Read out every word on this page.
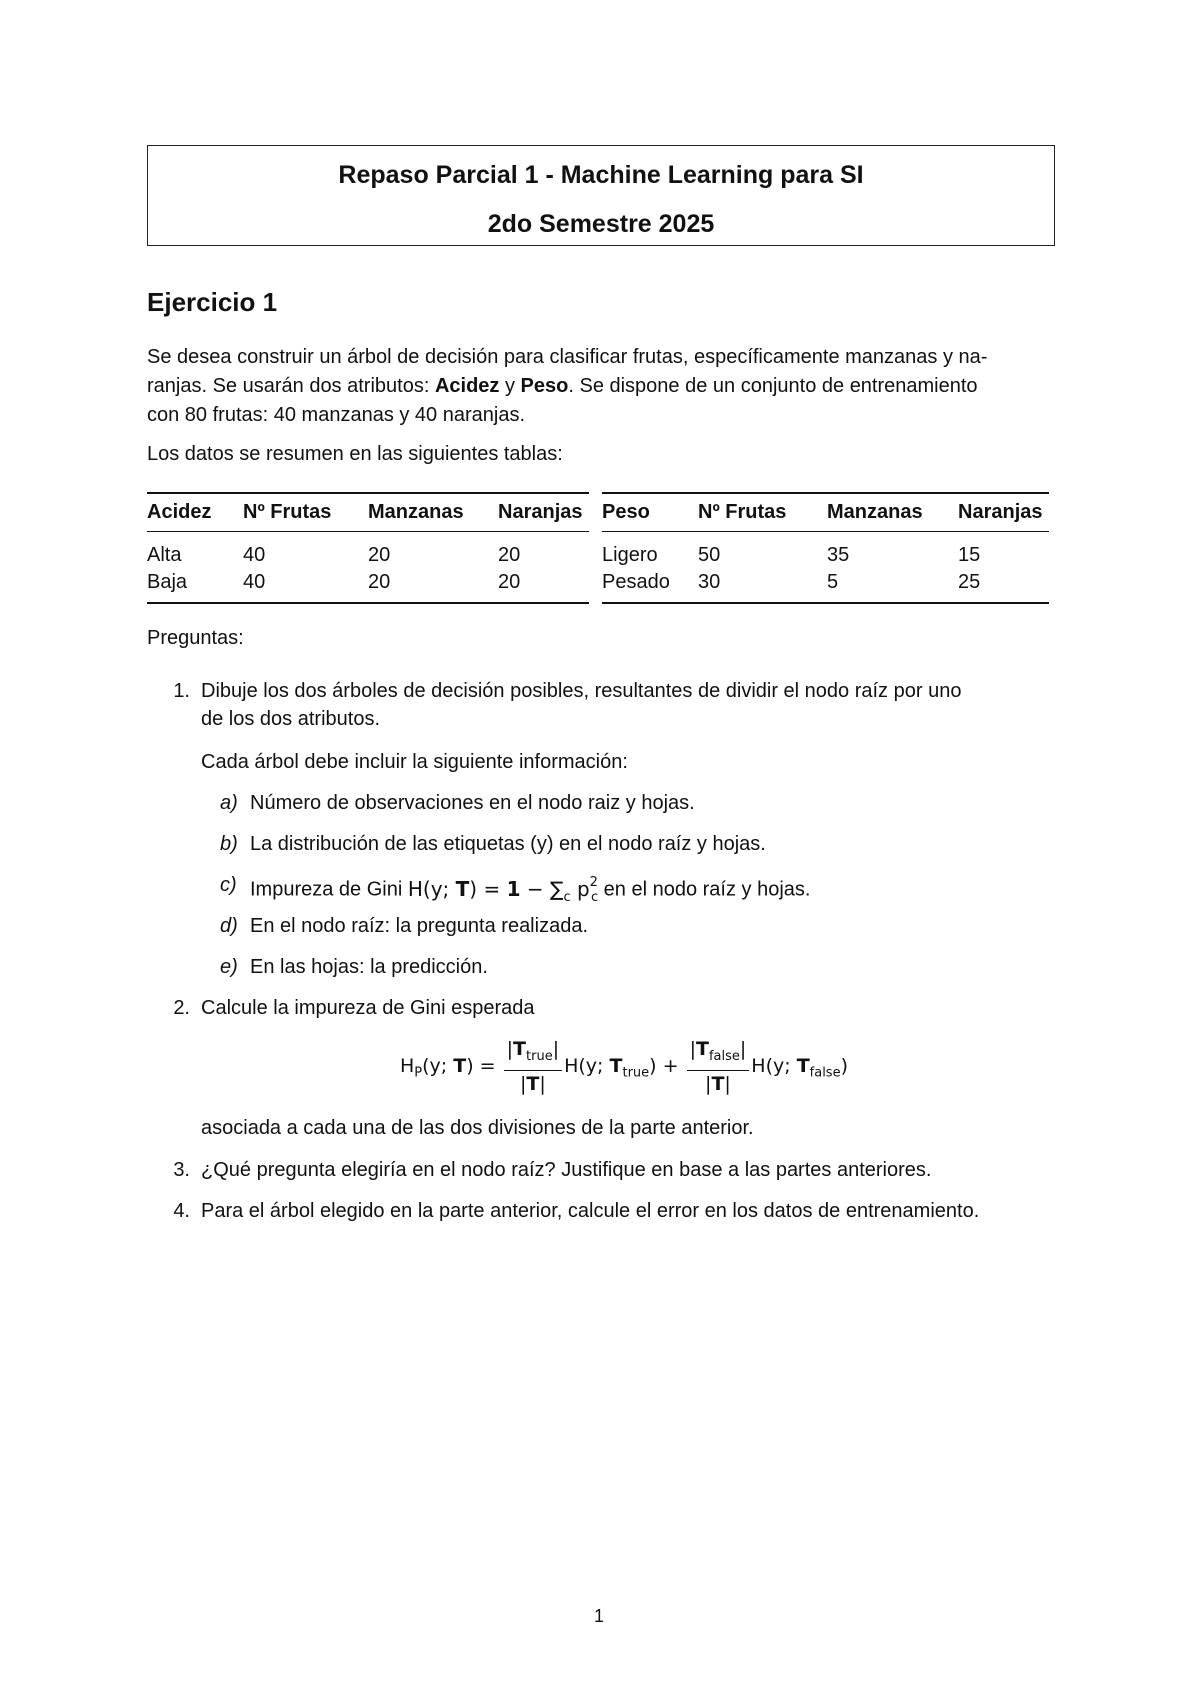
Repaso Parcial 1 - Machine Learning para SI
2do Semestre 2025
Ejercicio 1
Se desea construir un árbol de decisión para clasificar frutas, específicamente manzanas y na-
ranjas. Se usarán dos atributos: Acidez y Peso. Se dispone de un conjunto de entrenamiento
con 80 frutas: 40 manzanas y 40 naranjas.
Los datos se resumen en las siguientes tablas:
Acidez	Nº Frutas	Manzanas	Naranjas
Alta	40	20	20
Baja	40	20	20
Peso	Nº Frutas	Manzanas	Naranjas
Ligero	50	35	15
Pesado	30	5	25
Preguntas:
1. Dibuje los dos árboles de decisión posibles, resultantes de dividir el nodo raíz por uno
de los dos atributos.
Cada árbol debe incluir la siguiente información:
a) Número de observaciones en el nodo raiz y hojas.
b) La distribución de las etiquetas (y) en el nodo raíz y hojas.
c) Impureza de Gini H(y; $T) = 1 - \sum_c$ $p^2_c$ en el nodo raíz y hojas.
d) En el nodo raíz: la pregunta realizada.
e) En las hojas: la predicción.
2. Calcule la impureza de Gini esperada
$H_P(y$; $T) = \frac{|T_{true}|}{|T|} H(y$; $T_{true}) + \frac{|T_{false}|}{|T|} H(y$; $T_{false}$)
asociada a cada una de las dos divisiones de la parte anterior.
3. ¿Qué pregunta elegiría en el nodo raíz? Justifique en base a las partes anteriores.
4. Para el árbol elegido en la parte anterior, calcule el error en los datos de entrenamiento.
1
